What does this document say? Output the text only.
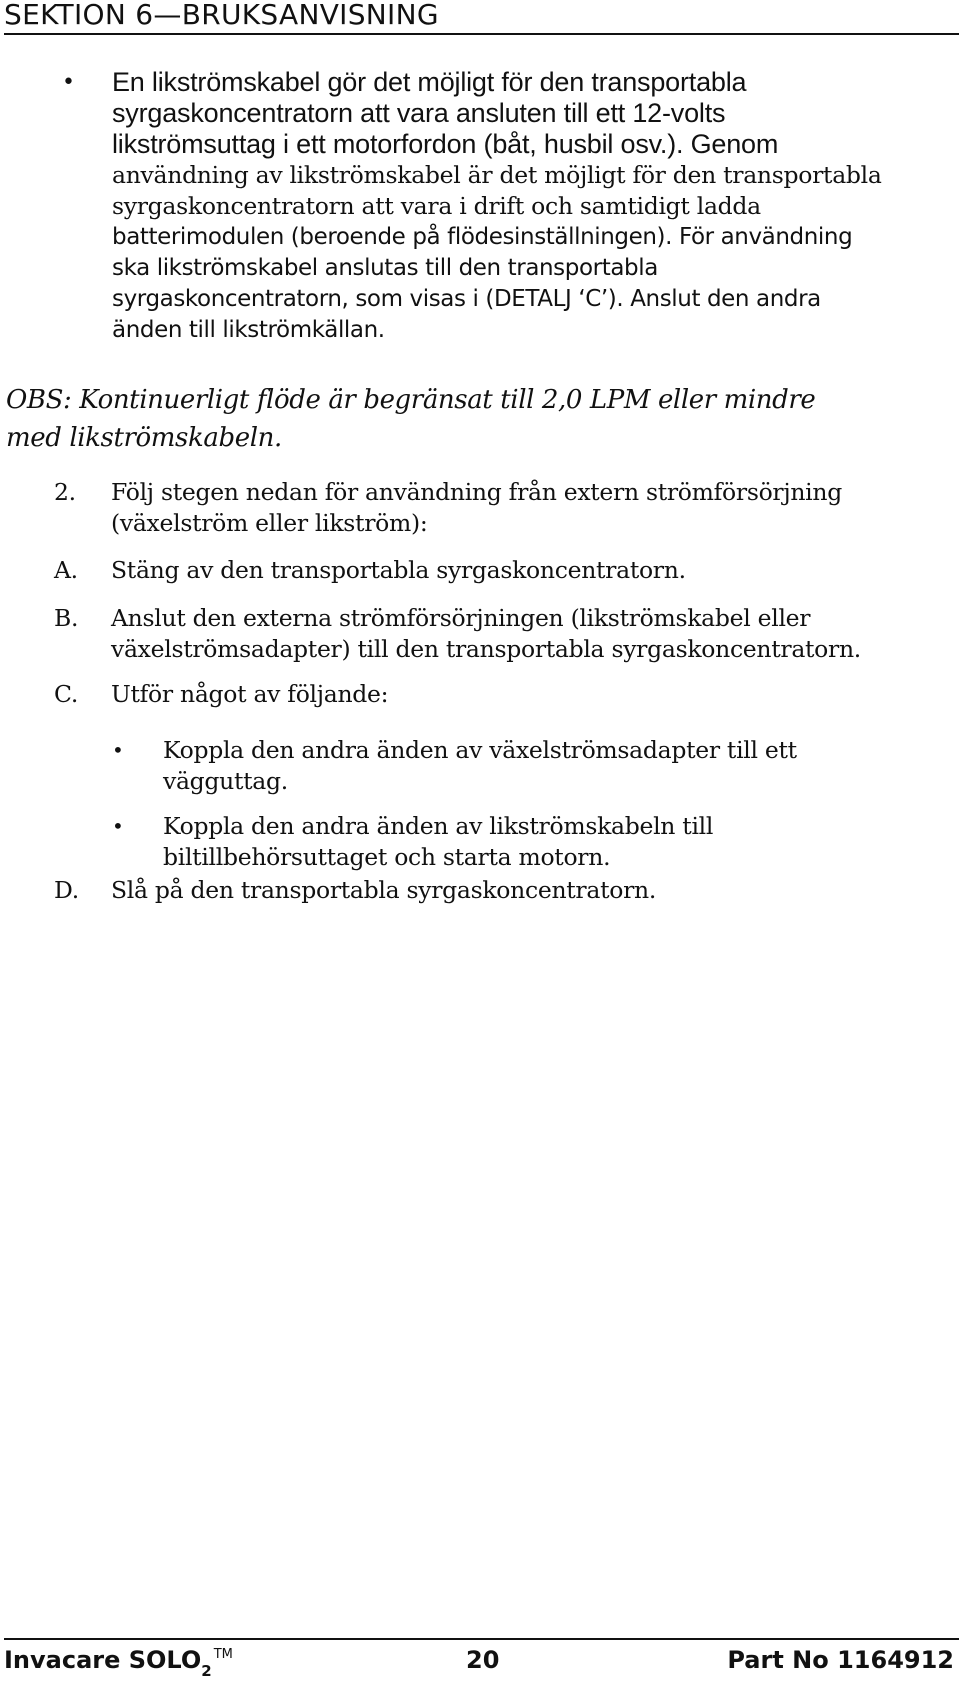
SEKTION 6—BRUKSANVISNING
• En likströmskabel gör det möjligt för den transportabla
syrgaskoncentratorn att vara ansluten till ett 12-volts
likströmsuttag i ett motorfordon (båt, husbil osv.). Genom
användning av likströmskabel är det möjligt för den transportabla
syrgaskoncentratorn att vara i drift och samtidigt ladda
batterimodulen (beroende på flödesinställningen). För användning
ska likströmskabel anslutas till den transportabla
syrgaskoncentratorn, som visas i (DETALJ ‘C’). Anslut den andra
änden till likströmkällan.
OBS: Kontinuerligt flöde är begränsat till 2,0 LPM eller mindre
med likströmskabeln.
2. Följ stegen nedan för användning från extern strömförsörjning
(växelström eller likström):
A. Stäng av den transportabla syrgaskoncentratorn.
B. Anslut den externa strömförsörjningen (likströmskabel eller
växelströmsadapter) till den transportabla syrgaskoncentratorn.
C. Utför något av följande:
• Koppla den andra änden av växelströmsadapter till ett
vägguttag.
• Koppla den andra änden av likströmskabeln till
biltillbehörsuttaget och starta motorn.
D. Slå på den transportabla syrgaskoncentratorn.
Invacare $SOLO_2™$	20	Part No 1164912
